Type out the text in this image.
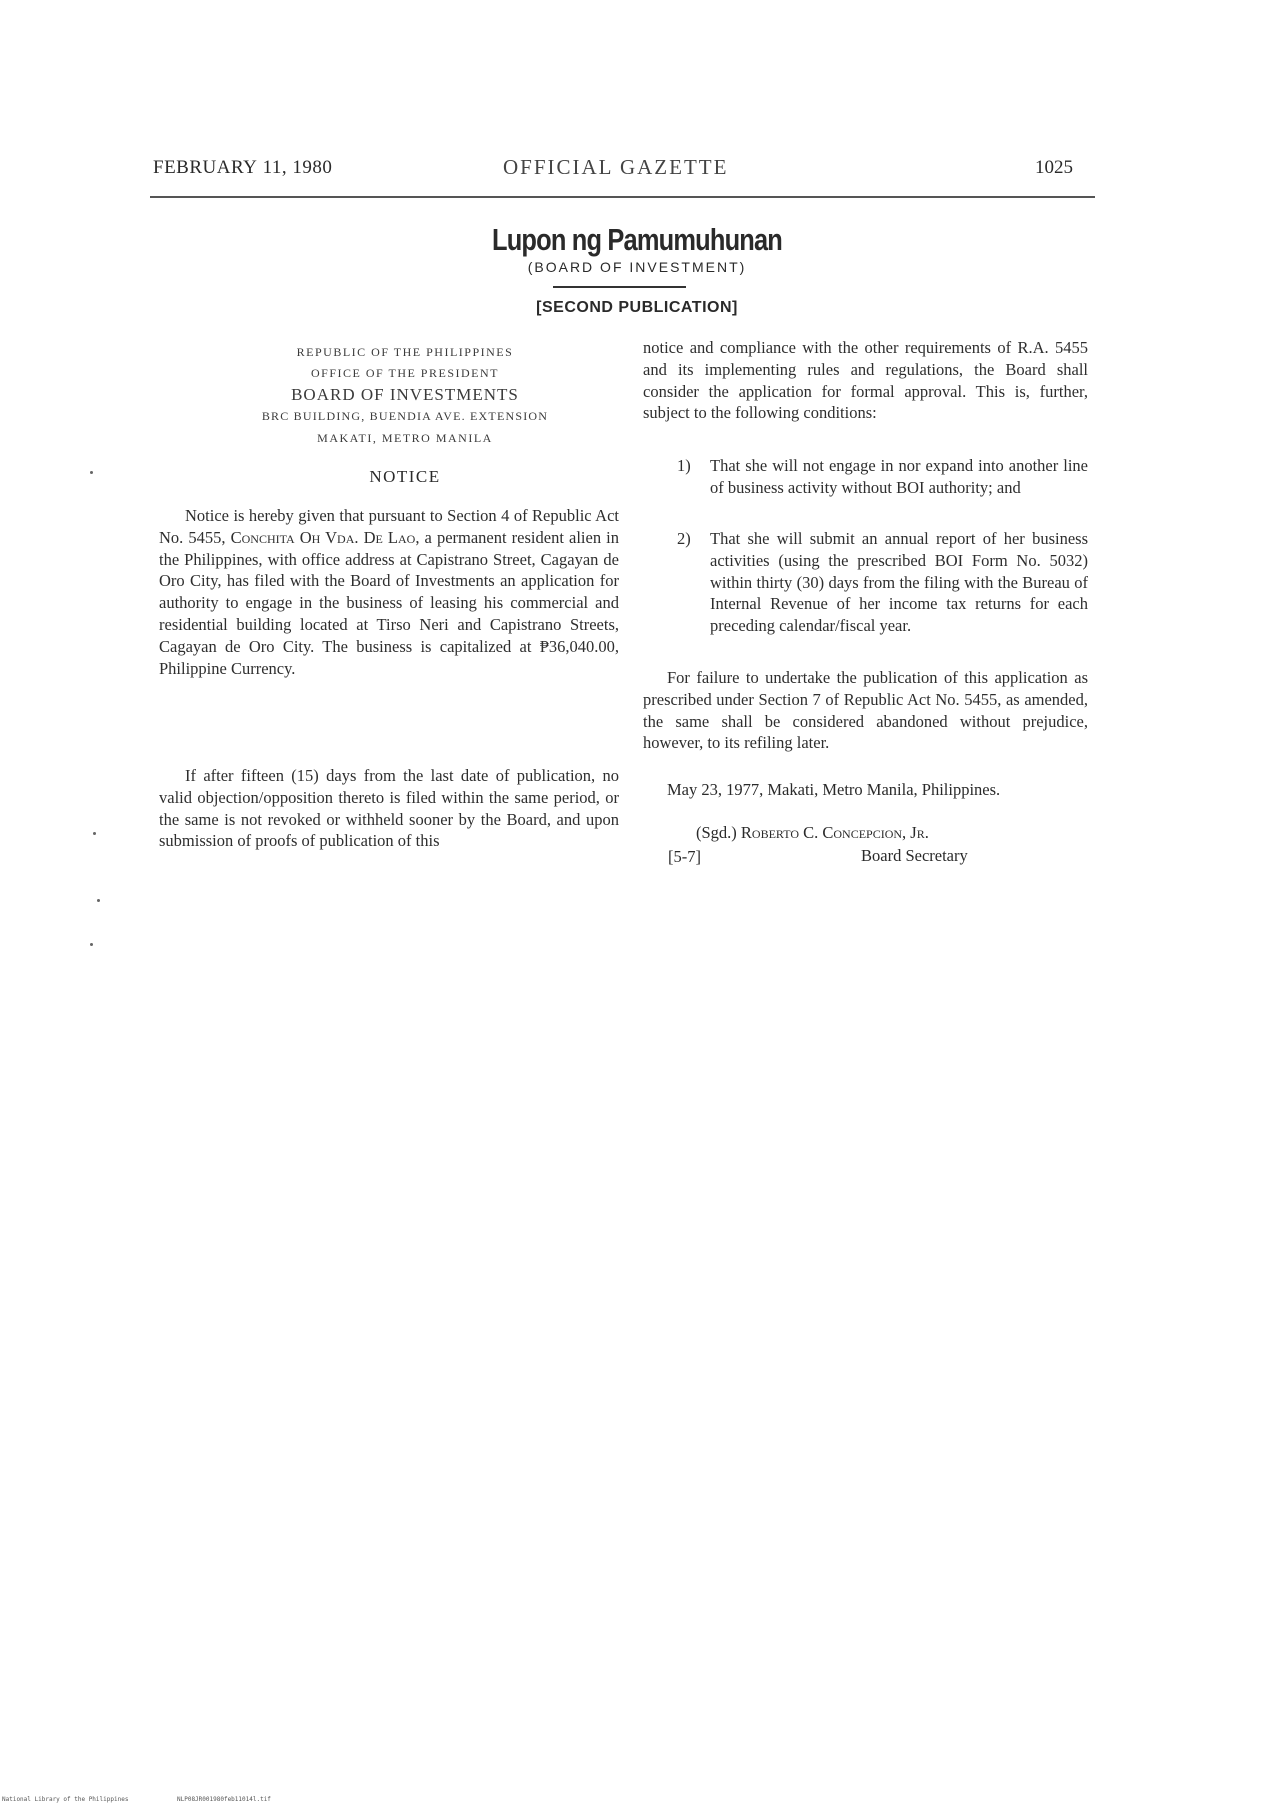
FEBRUARY 11, 1980	OFFICIAL GAZETTE	1025
Lupon ng Pamumuhunan
(BOARD OF INVESTMENT)
[SECOND PUBLICATION]
REPUBLIC OF THE PHILIPPINES
OFFICE OF THE PRESIDENT
BOARD OF INVESTMENTS
BRC BUILDING, BUENDIA AVE. EXTENSION
MAKATI, METRO MANILA
NOTICE
Notice is hereby given that pursuant to Section 4 of Republic Act No. 5455, Conchita Oh Vda. De Lao, a permanent resident alien in the Philippines, with office address at Capistrano Street, Cagayan de Oro City, has filed with the Board of Investments an application for authority to engage in the business of leasing his commercial and residential building located at Tirso Neri and Capistrano Streets, Cagayan de Oro City. The business is capitalized at ₱36,040.00, Philippine Currency.
If after fifteen (15) days from the last date of publication, no valid objection/opposition thereto is filed within the same period, or the same is not revoked or withheld sooner by the Board, and upon submission of proofs of publication of this
notice and compliance with the other requirements of R.A. 5455 and its implementing rules and regulations, the Board shall consider the application for formal approval. This is, further, subject to the following conditions:
1) That she will not engage in nor expand into another line of business activity without BOI authority; and
2) That she will submit an annual report of her business activities (using the prescribed BOI Form No. 5032) within thirty (30) days from the filing with the Bureau of Internal Revenue of her income tax returns for each preceding calendar/fiscal year.
For failure to undertake the publication of this application as prescribed under Section 7 of Republic Act No. 5455, as amended, the same shall be considered abandoned without prejudice, however, to its refiling later.
May 23, 1977, Makati, Metro Manila, Philippines.
(Sgd.) Roberto C. Concepcion, Jr.
[5-7]	Board Secretary
National Library of the Philippines	NLP08JR001980feb11014l.tif
